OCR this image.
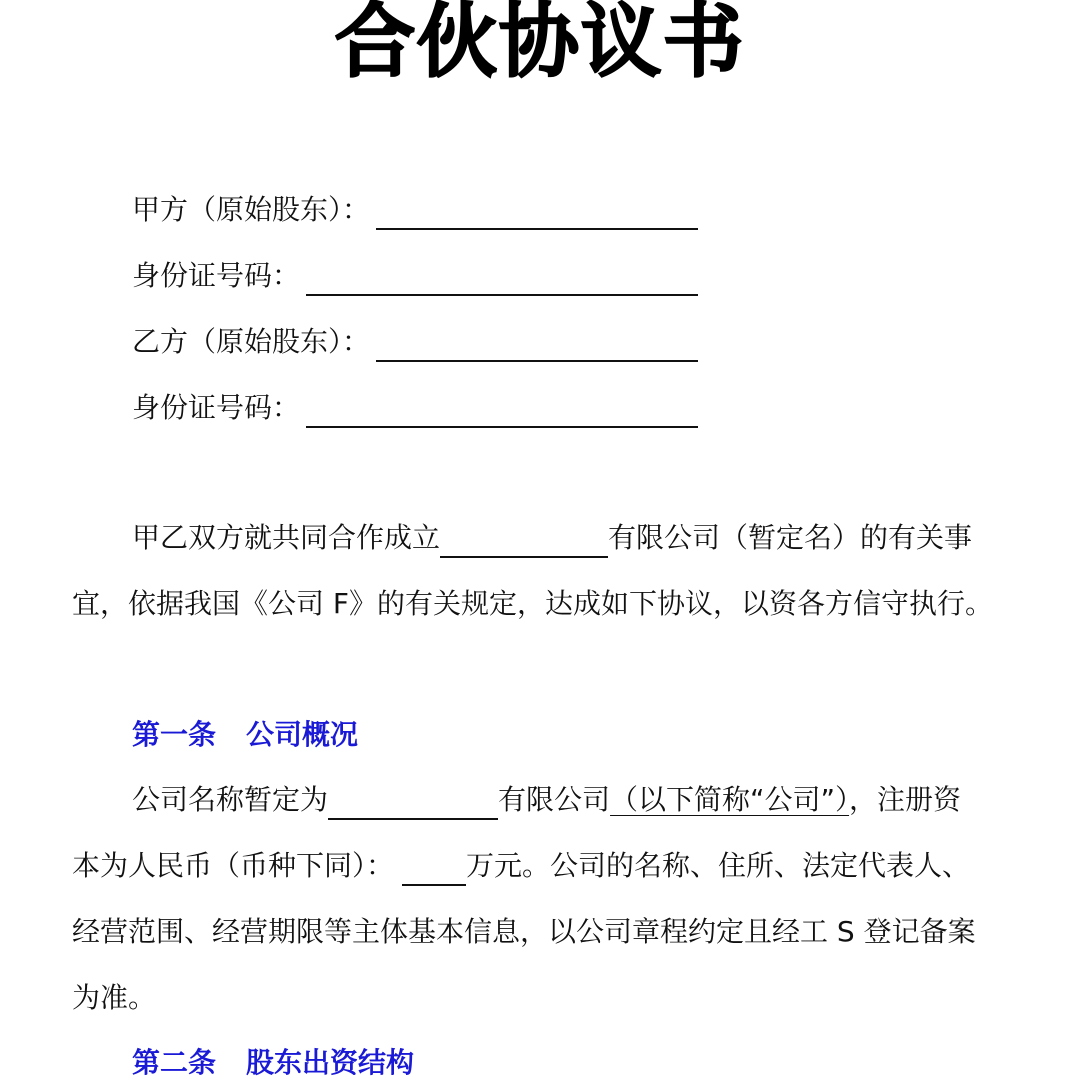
合伙协议书
甲方（原始股东）：
身份证号码：
乙方（原始股东）：
身份证号码：
甲乙双方就共同合作成立	有限公司（暂定名）的有关事
宜，依据我国《公司 F》的有关规定，达成如下协议，以资各方信守执行。
第一条 公司概况
公司名称暂定为	有限公司（以下简称“公司”），注册资
本为人民币（币种下同）：	万元。公司的名称、住所、法定代表人、
经营范围、经营期限等主体基本信息，以公司章程约定且经工 S 登记备案
为准。
第二条 股东出资结构
